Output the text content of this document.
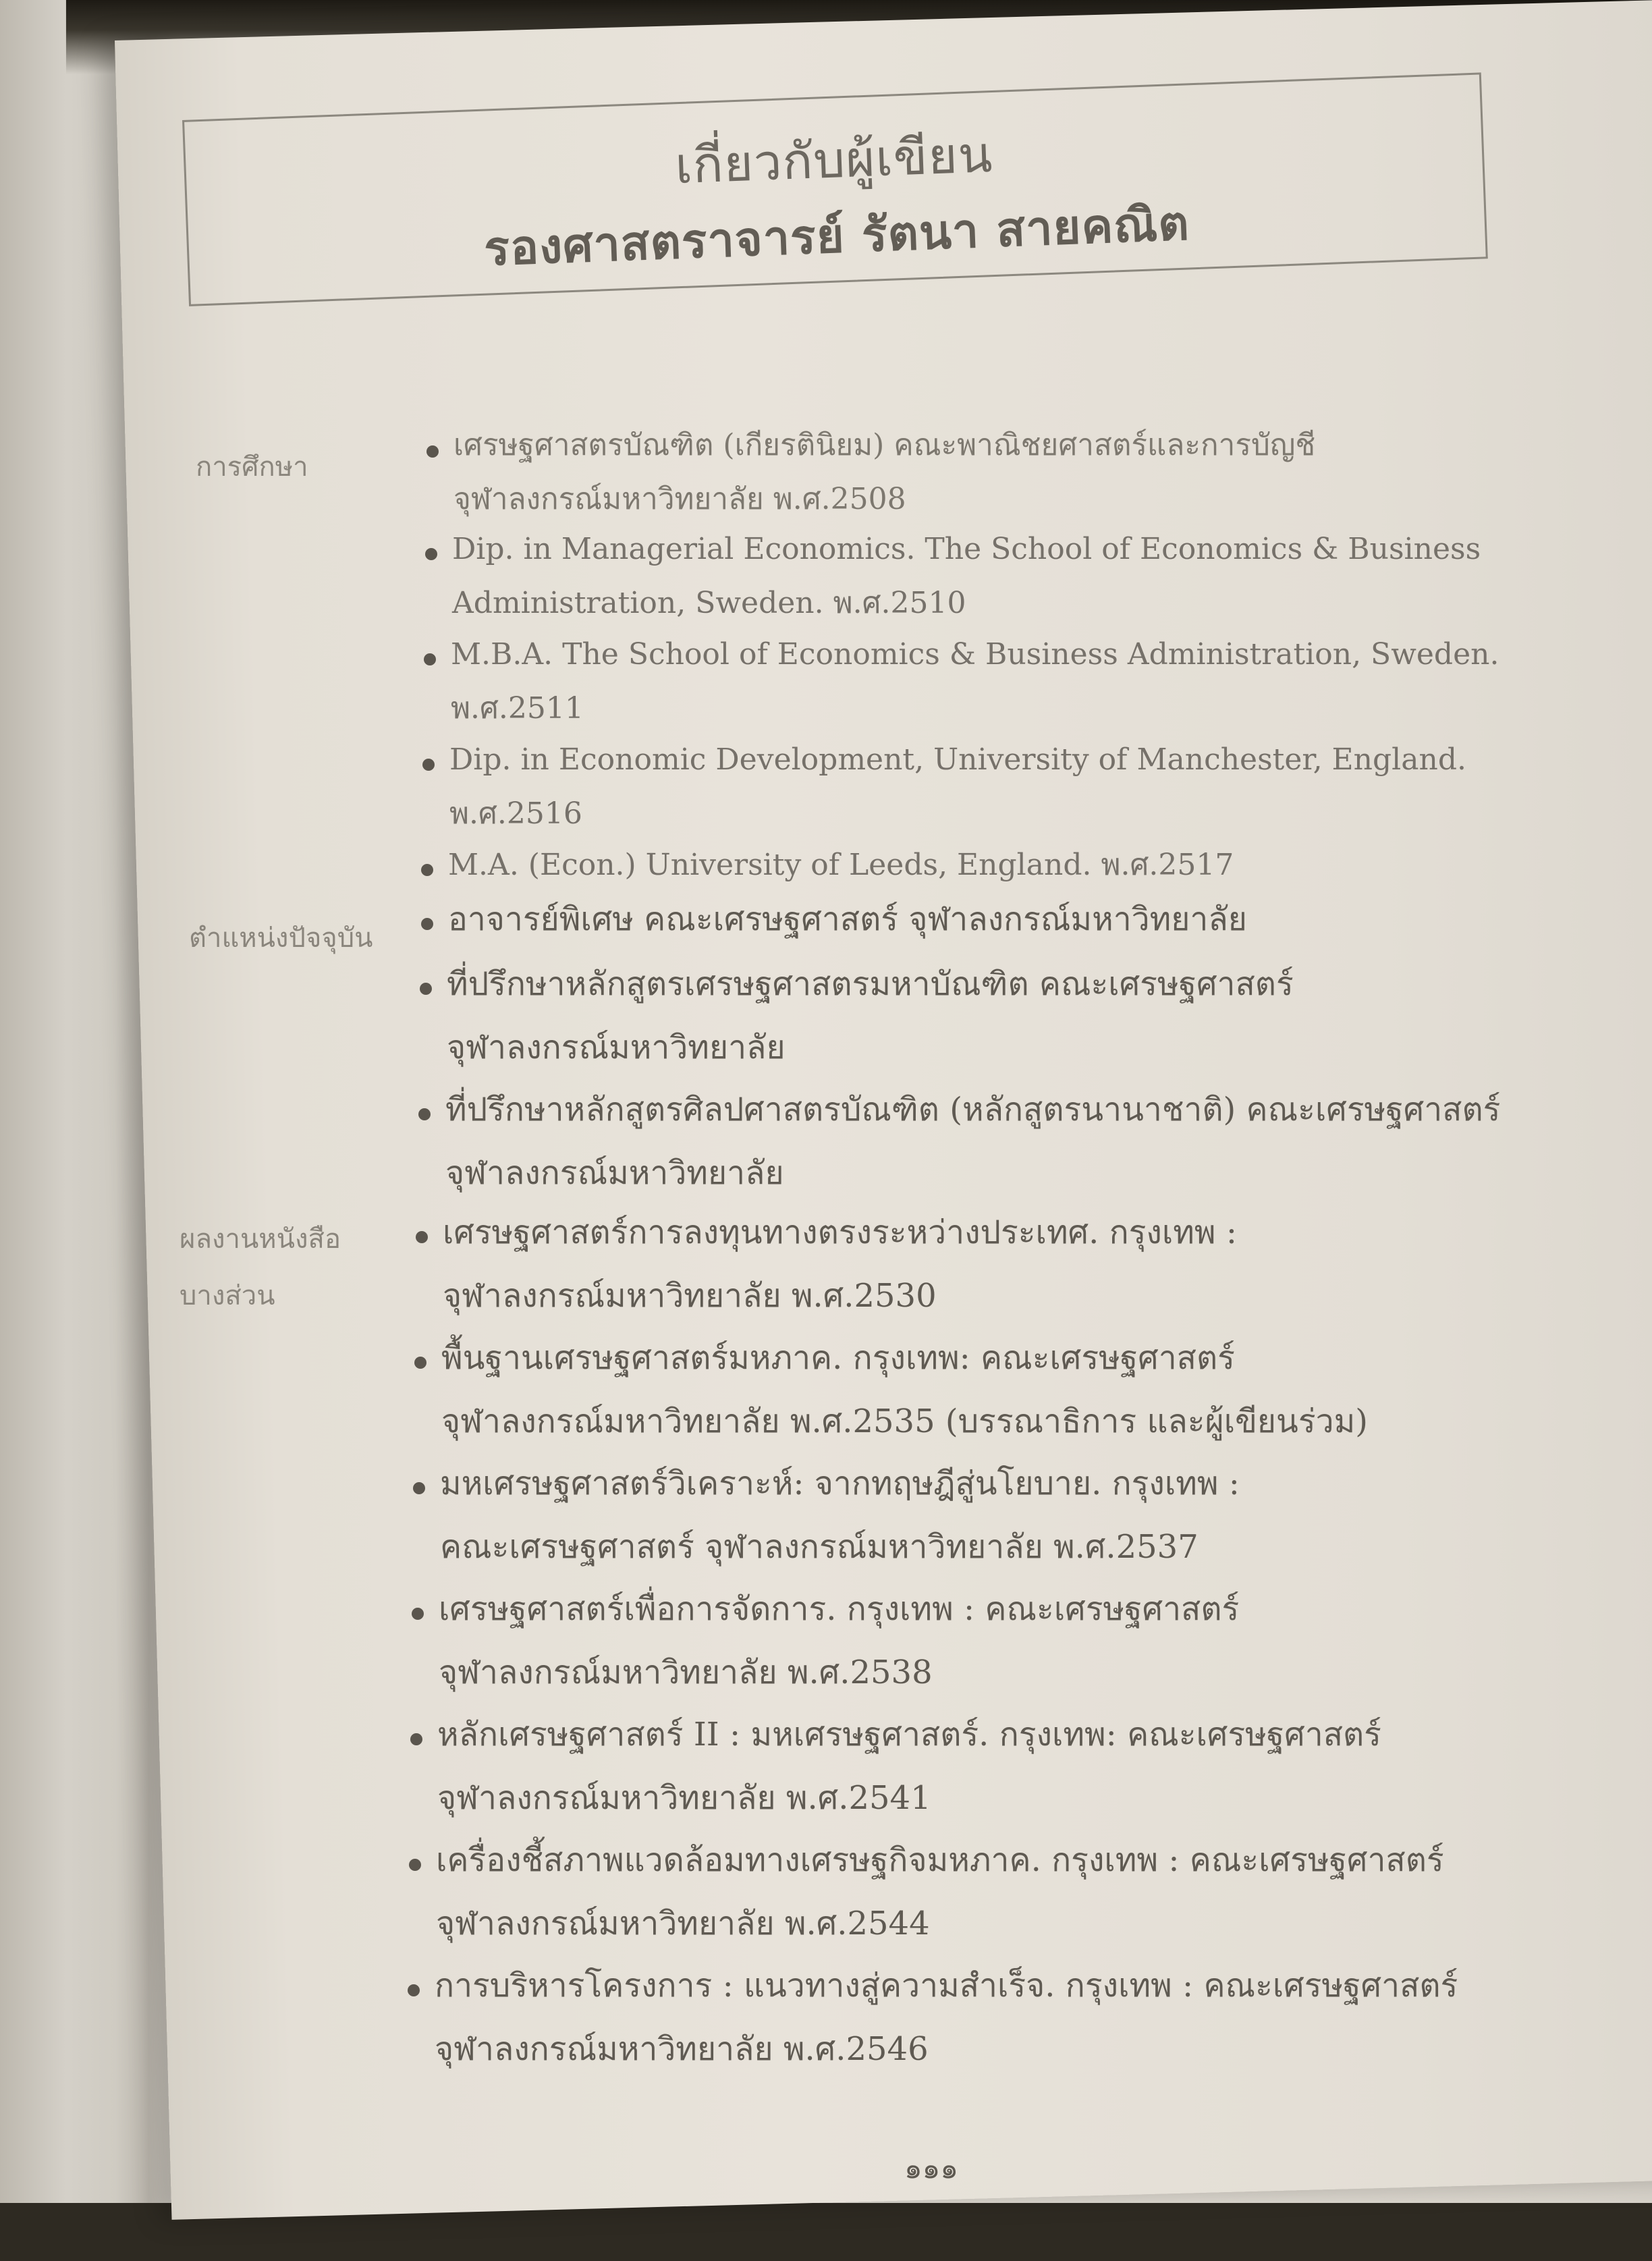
เกี่ยวกับผู้เขียน
รองศาสตราจารย์ รัตนา สายคณิต
การศึกษา
เศรษฐศาสตรบัณฑิต (เกียรตินิยม) คณะพาณิชยศาสตร์และการบัญชี
จุฬาลงกรณ์มหาวิทยาลัย พ.ศ.2508
Dip. in Managerial Economics. The School of Economics & Business
Administration, Sweden. พ.ศ.2510
M.B.A. The School of Economics & Business Administration, Sweden.
พ.ศ.2511
Dip. in Economic Development, University of Manchester, England.
พ.ศ.2516
M.A. (Econ.) University of Leeds, England. พ.ศ.2517
ตำแหน่งปัจจุบัน อาจารย์พิเศษ คณะเศรษฐศาสตร์ จุฬาลงกรณ์มหาวิทยาลัย
ที่ปรึกษาหลักสูตรเศรษฐศาสตรมหาบัณฑิต คณะเศรษฐศาสตร์
จุฬาลงกรณ์มหาวิทยาลัย
ที่ปรึกษาหลักสูตรศิลปศาสตรบัณฑิต (หลักสูตรนานาชาติ) คณะเศรษฐศาสตร์
จุฬาลงกรณ์มหาวิทยาลัย
ผลงานหนังสือ
บางส่วน
เศรษฐศาสตร์การลงทุนทางตรงระหว่างประเทศ. กรุงเทพ :
จุฬาลงกรณ์มหาวิทยาลัย พ.ศ.2530
พื้นฐานเศรษฐศาสตร์มหภาค. กรุงเทพ: คณะเศรษฐศาสตร์
จุฬาลงกรณ์มหาวิทยาลัย พ.ศ.2535 (บรรณาธิการ และผู้เขียนร่วม)
มหเศรษฐศาสตร์วิเคราะห์: จากทฤษฎีสู่นโยบาย. กรุงเทพ :
คณะเศรษฐศาสตร์ จุฬาลงกรณ์มหาวิทยาลัย พ.ศ.2537
เศรษฐศาสตร์เพื่อการจัดการ. กรุงเทพ : คณะเศรษฐศาสตร์
จุฬาลงกรณ์มหาวิทยาลัย พ.ศ.2538
หลักเศรษฐศาสตร์ II : มหเศรษฐศาสตร์. กรุงเทพ: คณะเศรษฐศาสตร์
จุฬาลงกรณ์มหาวิทยาลัย พ.ศ.2541
เครื่องชี้สภาพแวดล้อมทางเศรษฐกิจมหภาค. กรุงเทพ : คณะเศรษฐศาสตร์
จุฬาลงกรณ์มหาวิทยาลัย พ.ศ.2544
การบริหารโครงการ : แนวทางสู่ความสำเร็จ. กรุงเทพ : คณะเศรษฐศาสตร์
จุฬาลงกรณ์มหาวิทยาลัย พ.ศ.2546
๑๑๑
